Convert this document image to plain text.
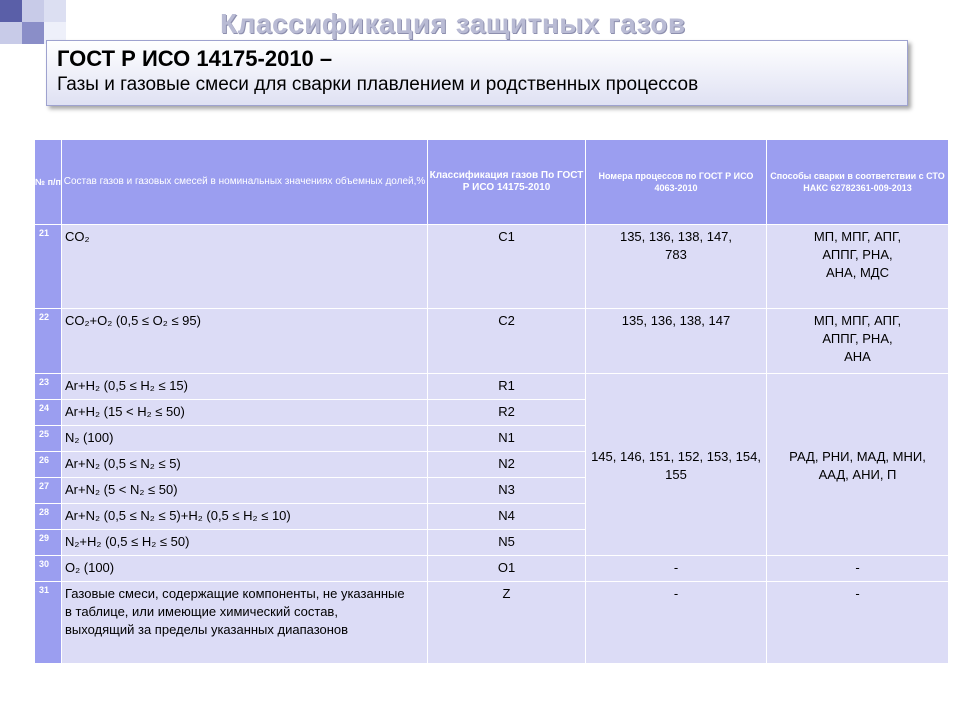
Классификация защитных газов
ГОСТ Р ИСО 14175-2010 –
Газы и газовые смеси для сварки плавлением и родственных процессов
№ п/п	Состав газов и газовых смесей в номинальных значениях объемных долей,%	Классификация газов По ГОСТ Р ИСО 14175-2010	Номера процессов по ГОСТ Р ИСО 4063-2010	Способы сварки в соответствии с СТО НАКС 62782361-009-2013
21	CO₂	C1	135, 136, 138, 147, 783	МП, МПГ, АПГ, АППГ, РНА, АНА, МДС

22	CO₂+O₂ (0,5 ≤ O₂ ≤ 95)	C2	135, 136, 138, 147	МП, МПГ, АПГ, АППГ, РНА, АНА

23	Ar+H₂ (0,5 ≤ H₂ ≤ 15)	R1	145, 146, 151, 152, 153, 154, 155	РАД, РНИ, МАД, МНИ, ААД, АНИ, П

24	Ar+H₂ (15 < H₂ ≤ 50)	R2		
25	N₂ (100)	N1		
26	Ar+N₂ (0,5 ≤ N₂ ≤ 5)	N2		
27	Ar+N₂ (5 < N₂ ≤ 50)	N3		
28	Ar+N₂ (0,5 ≤ N₂ ≤ 5)+H₂ (0,5 ≤ H₂ ≤ 10)	N4		
29	N₂+H₂ (0,5 ≤ H₂ ≤ 50)	N5		
30	O₂ (100)	O1	-	-
31	Газовые смеси, содержащие компоненты, не указанные в таблице, или имеющие химический состав, выходящий за пределы указанных диапазонов	Z	-	-
